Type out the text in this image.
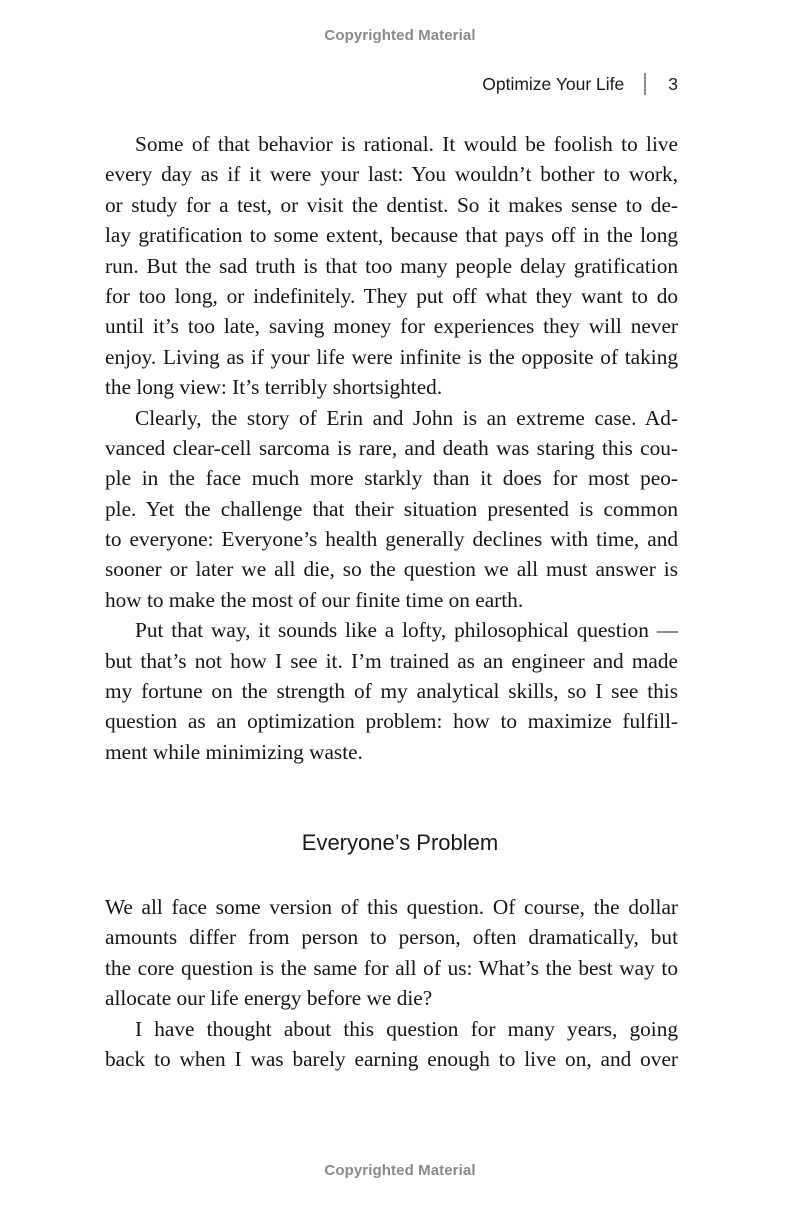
Copyrighted Material
Optimize Your Life	3
Some of that behavior is rational. It would be foolish to live
every day as if it were your last: You wouldn’t bother to work,
or study for a test, or visit the dentist. So it makes sense to de-
lay gratification to some extent, because that pays off in the long
run. But the sad truth is that too many people delay gratification
for too long, or indefinitely. They put off what they want to do
until it’s too late, saving money for experiences they will never
enjoy. Living as if your life were infinite is the opposite of taking
the long view: It’s terribly shortsighted.
Clearly, the story of Erin and John is an extreme case. Ad-
vanced clear-cell sarcoma is rare, and death was staring this cou-
ple in the face much more starkly than it does for most peo-
ple. Yet the challenge that their situation presented is common
to everyone: Everyone’s health generally declines with time, and
sooner or later we all die, so the question we all must answer is
how to make the most of our finite time on earth.
Put that way, it sounds like a lofty, philosophical question —
but that’s not how I see it. I’m trained as an engineer and made
my fortune on the strength of my analytical skills, so I see this
question as an optimization problem: how to maximize fulfill-
ment while minimizing waste.
Everyone’s Problem
We all face some version of this question. Of course, the dollar
amounts differ from person to person, often dramatically, but
the core question is the same for all of us: What’s the best way to
allocate our life energy before we die?
I have thought about this question for many years, going
back to when I was barely earning enough to live on, and over
Copyrighted Material
